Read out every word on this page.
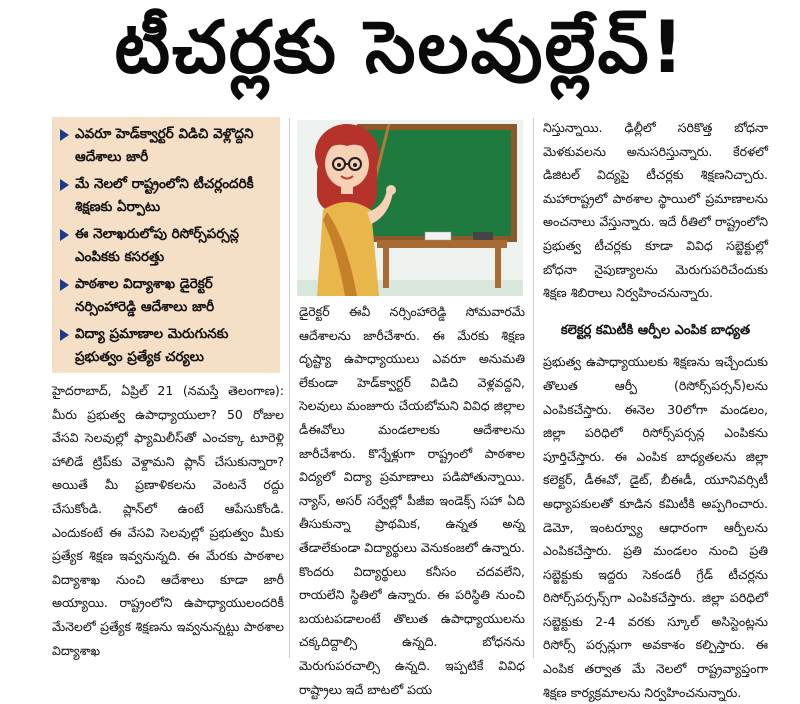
టీచర్లకు సెలవుల్లేవ్‌!
ఎవరూ హెడ్‌క్వార్టర్‌ విడిచి వెళ్లొద్దని ఆదేశాలు జారీ
మే నెలలో రాష్ట్రంలోని టీచర్లందరికీ శిక్షణకు ఏర్పాటు
ఈ నెలాఖరులోపు రిసోర్స్‌పర్సన్ల ఎంపికకు కసరత్తు
పాఠశాల విద్యాశాఖ డైరెక్టర్‌ నర్సింహారెడ్డి ఆదేశాలు జారీ
విద్యా ప్రమాణాల మెరుగునకు ప్రభుత్వం ప్రత్యేక చర్యలు

హైదరాబాద్‌, ఏప్రిల్‌ 21 (నమస్తే తెలంగాణ): మీరు ప్రభుత్వ ఉపాధ్యాయులా? 50 రోజుల వేసవి సెలవుల్లో ఫ్యామిలీస్‌తో ఎంచక్కా టూరెళ్లి హాలిడే ట్రిప్‌కు వెళ్దామని ప్లాన్‌ చేసుకున్నారా? అయితే మీ ప్రణాళికలను వెంటనే రద్దు చేసుకోండి. ప్లాన్‌లో ఉంటే ఆపేసుకోండి. ఎందుకంటే ఈ వేసవి సెలవుల్లో ప్రభుత్వం మీకు ప్రత్యేక శిక్షణ ఇవ్వనున్నది. ఈ మేరకు పాఠశాల విద్యాశాఖ నుంచి ఆదేశాలు కూడా జారీ అయ్యాయి. రాష్ట్రంలోని ఉపాధ్యాయులందరికీ మేనెలలో ప్రత్యేక శిక్షణను ఇవ్వనున్నట్టు పాఠశాల విద్యాశాఖ

డైరెక్టర్‌ ఈవీ నర్సింహారెడ్డి సోమవారమే ఆదేశాలను జారీచేశారు. ఈ మేరకు శిక్షణ దృష్ట్యా ఉపాధ్యాయులు ఎవరూ అనుమతి లేకుండా హెడ్‌క్వార్టర్‌ విడిచి వెళ్లవద్దని, సెలవులు మంజూరు చేయబోమని వివిధ జిల్లాల డీఈవోలు మండలాలకు ఆదేశాలను జారీచేశారు. కొన్నేళ్లుగా రాష్ట్రంలో పాఠశాల విద్యలో విద్యా ప్రమాణాలు పడిపోతున్నాయి. న్యాస్‌, అసర్‌ సర్వేల్లో పీజీఐ ఇండెక్స్‌ సహా ఏది తీసుకున్నా ప్రాథమిక, ఉన్నత అన్న తేడాలేకుండా విద్యార్థులు వెనుకంజలో ఉన్నారు. కొందరు విద్యార్థులు కనీసం చదవలేని, రాయలేని స్థితిలో ఉన్నారు. ఈ పరిస్థితి నుంచి బయటపడాలంటే తొలుత ఉపాధ్యాయులను చక్కదిద్దాల్సి ఉన్నది. బోధనను మెరుగుపరచాల్సి ఉన్నది. ఇప్పటికే వివిధ రాష్ట్రాలు ఇదే బాటలో పయ

నిస్తున్నాయి. ఢిల్లీలో సరికొత్త బోధనా మెళకువలను అనుసరిస్తున్నారు. కేరళలో డిజిటల్‌ విద్యపై టీచర్లకు శిక్షణనిచ్చారు. మహారాష్ట్రలో పాఠశాల స్థాయిలో ప్రమాణాలను అంచనాలు వేస్తున్నారు. ఇదే రీతిలో రాష్ట్రంలోని ప్రభుత్వ టీచర్లకు కూడా వివిధ సబ్జెక్టుల్లో బోధనా నైపుణ్యాలను మెరుగుపరిచేందుకు శిక్షణ శిబిరాలు నిర్వహించనున్నారు.

కలెక్టర్ల కమిటీకి ఆర్పీల ఎంపిక బాధ్యత

ప్రభుత్వ ఉపాధ్యాయులకు శిక్షణను ఇచ్చేందుకు తొలుత ఆర్పీ (రిసోర్స్‌పర్సన్‌)లను ఎంపికచేస్తారు. ఈనెల 30లోగా మండలం, జిల్లా పరిధిలో రిసోర్స్‌పర్సన్ల ఎంపికను పూర్తిచేస్తారు. ఈ ఎంపిక బాధ్యతలను జిల్లా కలెక్టర్‌, డీఈవో, డైట్‌, బీఈడీ, యూనివర్సిటీ అధ్యాపకులతో కూడిన కమిటీకి అప్పగించారు. డెమో, ఇంటర్వ్యూ ఆధారంగా ఆర్పీలను ఎంపికచేస్తారు. ప్రతి మండలం నుంచి ప్రతి సబ్జెక్టుకు ఇద్దరు సెకండరీ గ్రేడ్‌ టీచర్లను రిసోర్స్‌పర్సన్స్‌గా ఎంపికచేస్తారు. జిల్లా పరిధిలో సబ్జెక్టుకు 2-4 వరకు స్కూల్‌ అసిస్టెంట్లను రిసోర్స్‌ పర్సన్లుగా అవకాశం కల్పిస్తారు. ఈ ఎంపిక తర్వాత మే నెలలో రాష్ట్రవ్యాప్తంగా శిక్షణ కార్యక్రమాలను నిర్వహించనున్నారు.
